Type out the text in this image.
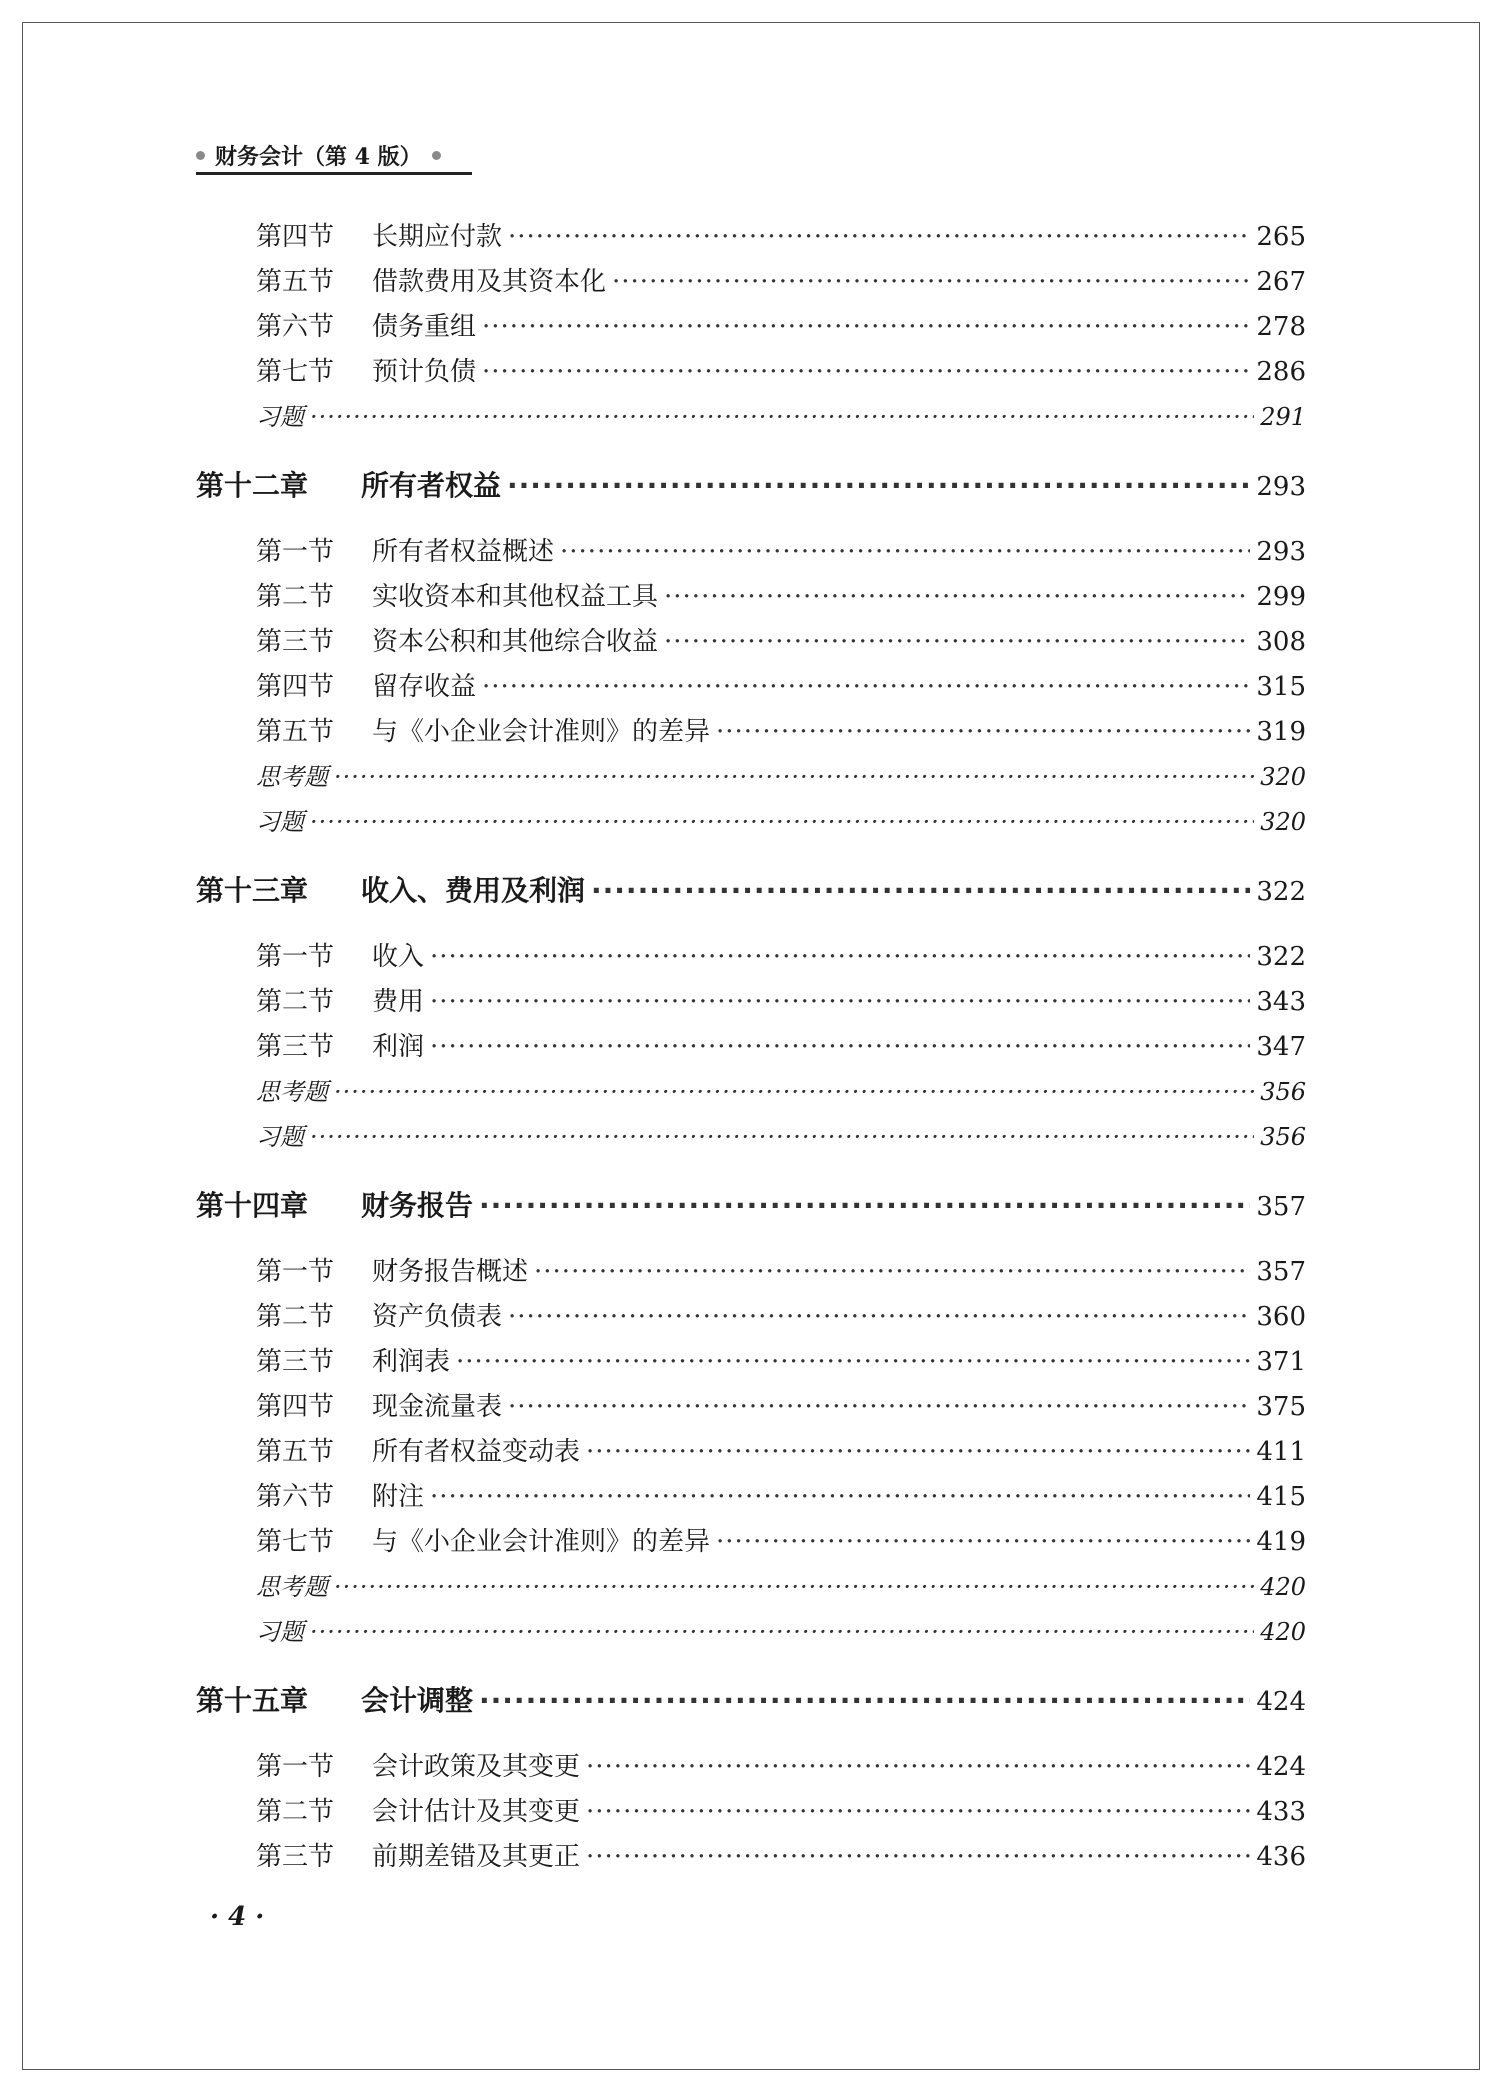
财务会计（第 4 版）
第四节 长期应付款 ·····	265
第五节 借款费用及其资本化 ·····	267
第六节 债务重组 ·····	278
第七节 预计负债 ·····	286
习题 ·····	291
第十二章 所有者权益 ·····	293
第一节 所有者权益概述 ·····	293
第二节 实收资本和其他权益工具 ·····	299
第三节 资本公积和其他综合收益 ·····	308
第四节 留存收益 ·····	315
第五节 与《小企业会计准则》的差异 ·····	319
思考题 ·····	320
习题 ·····	320
第十三章 收入、费用及利润 ·····	322
第一节 收入 ·····	322
第二节 费用 ·····	343
第三节 利润 ·····	347
思考题 ·····	356
习题 ·····	356
第十四章 财务报告 ·····	357
第一节 财务报告概述 ·····	357
第二节 资产负债表 ·····	360
第三节 利润表 ·····	371
第四节 现金流量表 ·····	375
第五节 所有者权益变动表 ·····	411
第六节 附注 ·····	415
第七节 与《小企业会计准则》的差异 ·····	419
思考题 ·····	420
习题 ·····	420
第十五章 会计调整 ·····	424
第一节 会计政策及其变更 ·····	424
第二节 会计估计及其变更 ·····	433
第三节 前期差错及其更正 ·····	436
· 4 ·
